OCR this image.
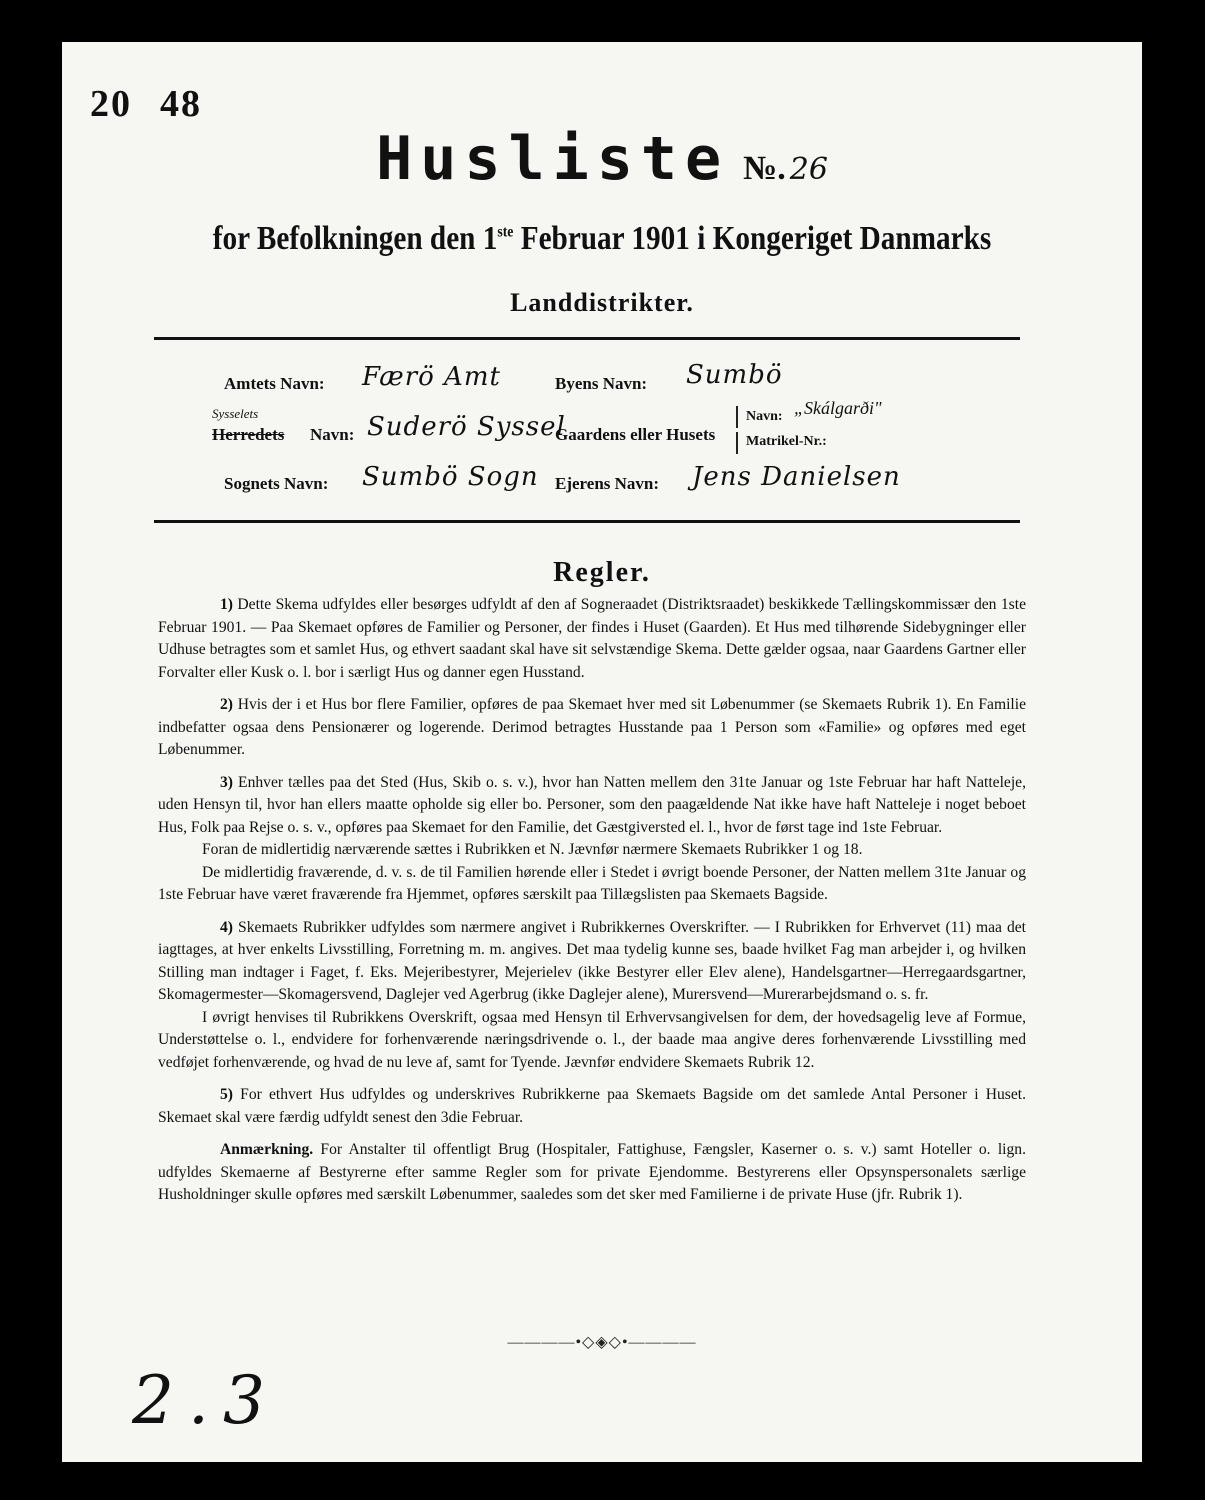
20 48
Husliste №. 26
for Befolkningen den 1ste Februar 1901 i Kongeriget Danmarks
Landdistrikter.
Amtets Navn: Færö Amt
Sysselets
Herredets Navn: Suderö Syssel
Sognets Navn: Sumbö Sogn
Byens Navn: Sumbö
Gaardens eller Husets
Navn: „Skálgarði"
Matrikel-Nr.:
Ejerens Navn: Jens Danielsen
Regler.

1) Dette Skema udfyldes eller besørges udfyldt af den af Sogneraadet (Distriktsraadet) beskikkede Tællingskommissær den 1ste Februar 1901. — Paa Skemaet opføres de Familier og Personer, der findes i Huset (Gaarden). Et Hus med tilhørende Sidebygninger eller Udhuse betragtes som et samlet Hus, og ethvert saadant skal have sit selvstændige Skema. Dette gælder ogsaa, naar Gaardens Gartner eller Forvalter eller Kusk o. l. bor i særligt Hus og danner egen Husstand.

2) Hvis der i et Hus bor flere Familier, opføres de paa Skemaet hver med sit Løbenummer (se Skemaets Rubrik 1). En Familie indbefatter ogsaa dens Pensionærer og logerende. Derimod betragtes Husstande paa 1 Person som «Familie» og opføres med eget Løbenummer.

3) Enhver tælles paa det Sted (Hus, Skib o. s. v.), hvor han Natten mellem den 31te Januar og 1ste Februar har haft Natteleje, uden Hensyn til, hvor han ellers maatte opholde sig eller bo. Personer, som den paagældende Nat ikke have haft Natteleje i noget beboet Hus, Folk paa Rejse o. s. v., opføres paa Skemaet for den Familie, det Gæstgiversted el. l., hvor de først tage ind 1ste Februar.

Foran de midlertidig nærværende sættes i Rubrikken et N. Jævnfør nærmere Skemaets Rubrikker 1 og 18.

De midlertidig fraværende, d. v. s. de til Familien hørende eller i Stedet i øvrigt boende Personer, der Natten mellem 31te Januar og 1ste Februar have været fraværende fra Hjemmet, opføres særskilt paa Tillægslisten paa Skemaets Bagside.

4) Skemaets Rubrikker udfyldes som nærmere angivet i Rubrikkernes Overskrifter. — I Rubrikken for Erhvervet (11) maa det iagttages, at hver enkelts Livsstilling, Forretning m. m. angives. Det maa tydelig kunne ses, baade hvilket Fag man arbejder i, og hvilken Stilling man indtager i Faget, f. Eks. Mejeribestyrer, Mejerielev (ikke Bestyrer eller Elev alene), Handelsgartner—Herregaardsgartner, Skomagermester—Skomagersvend, Daglejer ved Agerbrug (ikke Daglejer alene), Murersvend—Murerarbejdsmand o. s. fr.

I øvrigt henvises til Rubrikkens Overskrift, ogsaa med Hensyn til Erhvervsangivelsen for dem, der hovedsagelig leve af Formue, Understøttelse o. l., endvidere for forhenværende næringsdrivende o. l., der baade maa angive deres forhenværende Livsstilling med vedføjet forhenværende, og hvad de nu leve af, samt for Tyende. Jævnfør endvidere Skemaets Rubrik 12.

5) For ethvert Hus udfyldes og underskrives Rubrikkerne paa Skemaets Bagside om det samlede Antal Personer i Huset. Skemaet skal være færdig udfyldt senest den 3die Februar.

Anmærkning. For Anstalter til offentligt Brug (Hospitaler, Fattighuse, Fængsler, Kaserner o. s. v.) samt Hoteller o. lign. udfyldes Skemaerne af Bestyrerne efter samme Regler som for private Ejendomme. Bestyrerens eller Opsynspersonalets særlige Husholdninger skulle opføres med særskilt Løbenummer, saaledes som det sker med Familierne i de private Huse (jfr. Rubrik 1).

————•◇◈◇•————
2.3
